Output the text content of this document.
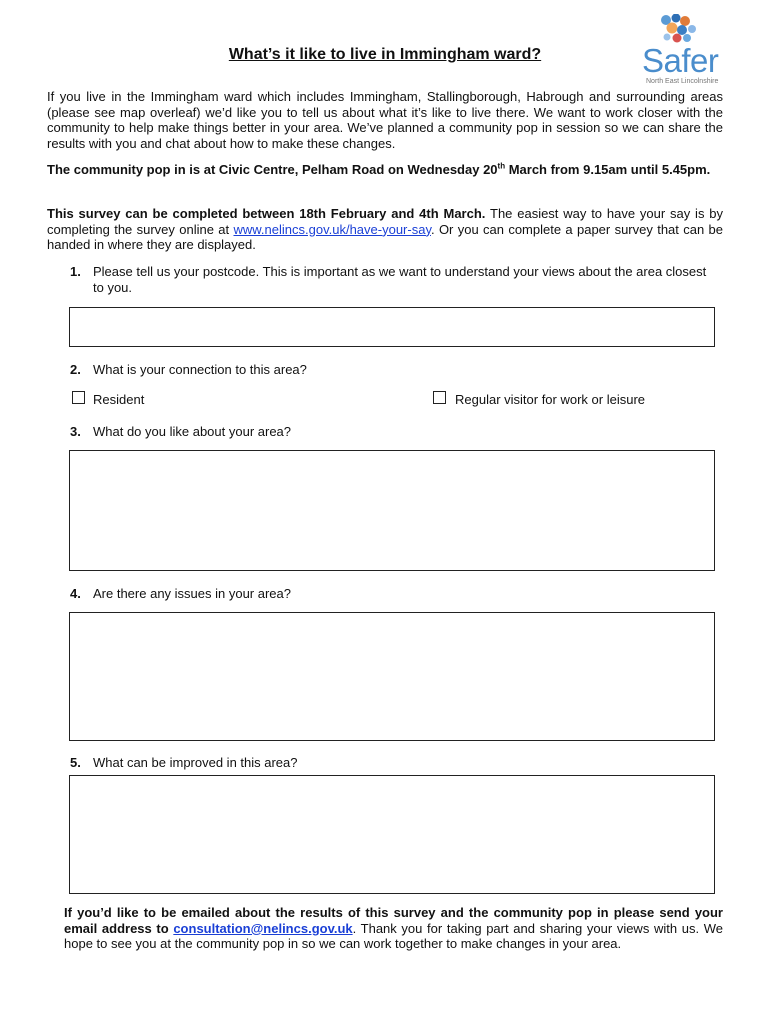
What’s it like to live in Immingham ward?	Safer
North East Lincolnshire
If you live in the Immingham ward which includes Immingham, Stallingborough, Habrough and surrounding areas (please see map overleaf) we’d like you to tell us about what it’s like to live there. We want to work closer with the community to help make things better in your area. We’ve planned a community pop in session so we can share the results with you and chat about how to make these changes.
The community pop in is at Civic Centre, Pelham Road on Wednesday 20th March from 9.15am until 5.45pm.
This survey can be completed between 18th February and 4th March. The easiest way to have your say is by completing the survey online at www.nelincs.gov.uk/have-your-say. Or you can complete a paper survey that can be handed in where they are displayed.
1. Please tell us your postcode. This is important as we want to understand your views about the area closest to you.
2. What is your connection to this area?
Resident	Regular visitor for work or leisure
3. What do you like about your area?
4. Are there any issues in your area?
5. What can be improved in this area?
If you’d like to be emailed about the results of this survey and the community pop in please send your email address to consultation@nelincs.gov.uk. Thank you for taking part and sharing your views with us. We hope to see you at the community pop in so we can work together to make changes in your area.
